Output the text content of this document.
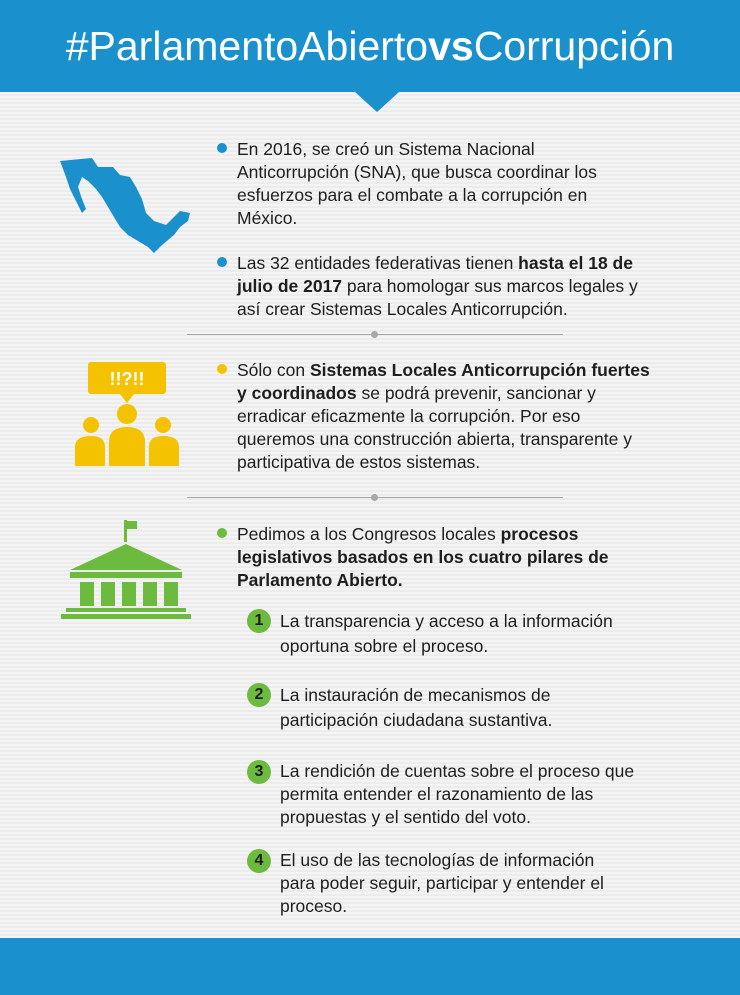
#ParlamentoAbiertovsCorrupción
En 2016, se creó un Sistema Nacional Anticorrupción (SNA), que busca coordinar los esfuerzos para el combate a la corrupción en México.
Las 32 entidades federativas tienen hasta el 18 de julio de 2017 para homologar sus marcos legales y así crear Sistemas Locales Anticorrupción.
!!?!!	Sólo con Sistemas Locales Anticorrupción fuertes y coordinados se podrá prevenir, sancionar y erradicar eficazmente la corrupción. Por eso queremos una construcción abierta, transparente y participativa de estos sistemas.
Pedimos a los Congresos locales procesos legislativos basados en los cuatro pilares de Parlamento Abierto.
1 La transparencia y acceso a la información oportuna sobre el proceso.
2 La instauración de mecanismos de participación ciudadana sustantiva.
3 La rendición de cuentas sobre el proceso que permita entender el razonamiento de las propuestas y el sentido del voto.
4 El uso de las tecnologías de información para poder seguir, participar y entender el proceso.
